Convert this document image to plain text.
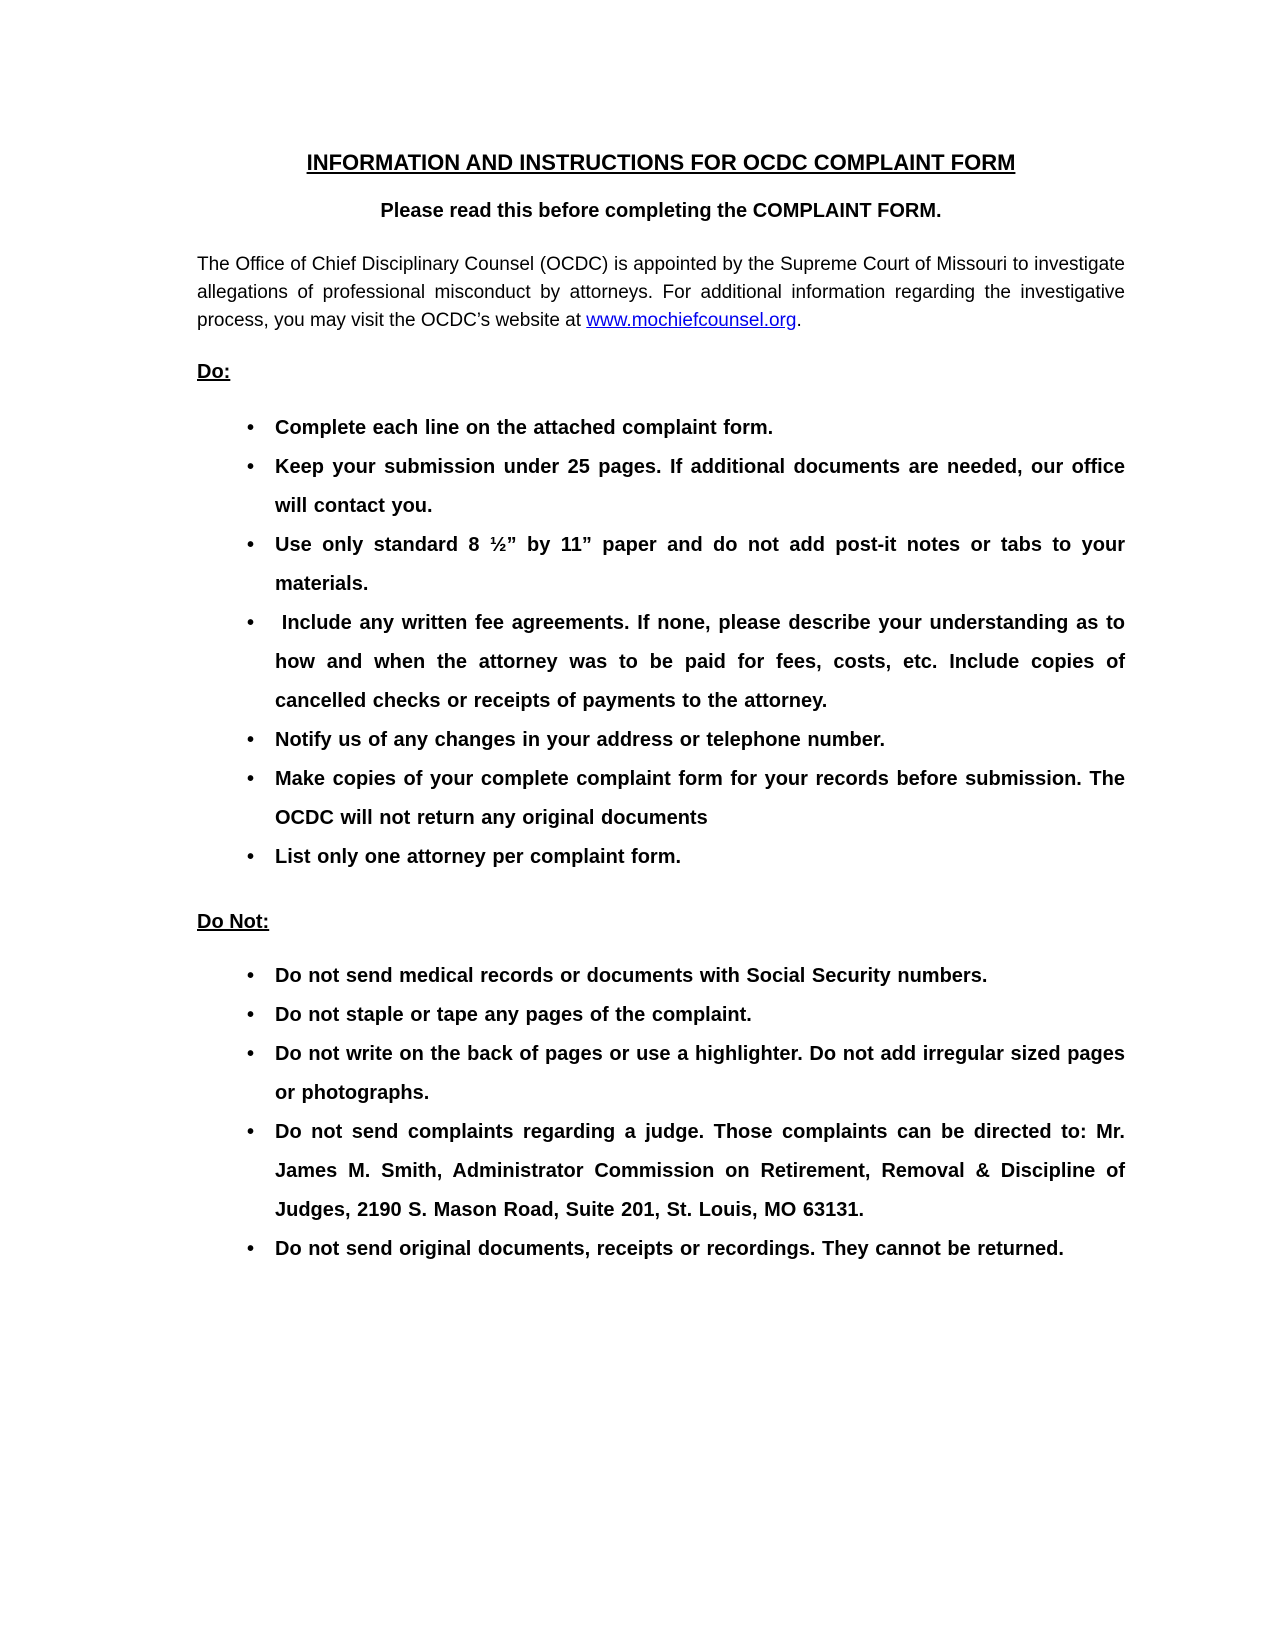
INFORMATION AND INSTRUCTIONS FOR OCDC COMPLAINT FORM
Please read this before completing the COMPLAINT FORM.

The Office of Chief Disciplinary Counsel (OCDC) is appointed by the Supreme Court of Missouri to investigate allegations of professional misconduct by attorneys. For additional information regarding the investigative process, you may visit the OCDC’s website at www.mochiefcounsel.org.

Do:
• Complete each line on the attached complaint form.
• Keep your submission under 25 pages. If additional documents are needed, our office will contact you.
• Use only standard 8 ½” by 11” paper and do not add post-it notes or tabs to your materials.
•  Include any written fee agreements. If none, please describe your understanding as to how and when the attorney was to be paid for fees, costs, etc. Include copies of cancelled checks or receipts of payments to the attorney.
• Notify us of any changes in your address or telephone number.
• Make copies of your complete complaint form for your records before submission. The OCDC will not return any original documents
• List only one attorney per complaint form.
Do Not:
• Do not send medical records or documents with Social Security numbers.
• Do not staple or tape any pages of the complaint.
• Do not write on the back of pages or use a highlighter. Do not add irregular sized pages or photographs.
• Do not send complaints regarding a judge. Those complaints can be directed to: Mr. James M. Smith, Administrator Commission on Retirement, Removal & Discipline of Judges, 2190 S. Mason Road, Suite 201, St. Louis, MO 63131.
• Do not send original documents, receipts or recordings. They cannot be returned.
